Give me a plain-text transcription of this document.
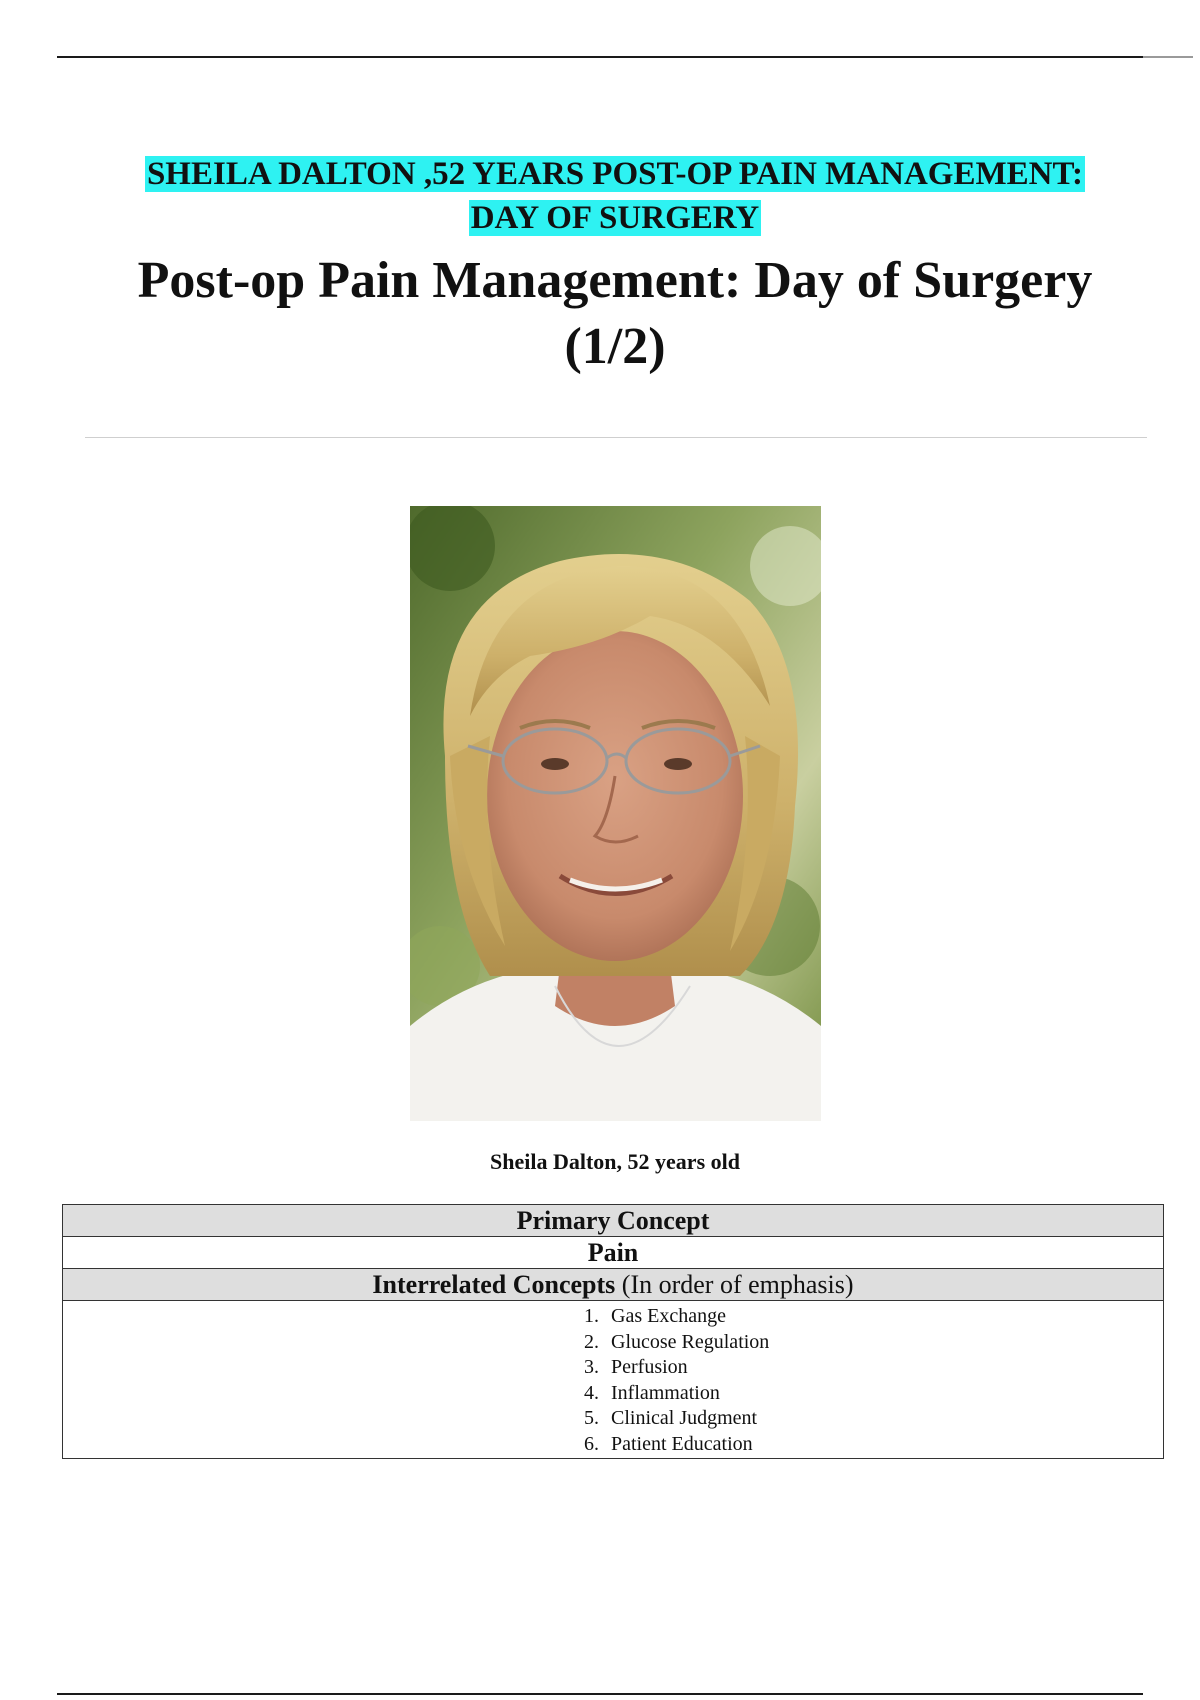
SHEILA DALTON ,52 YEARS POST-OP PAIN MANAGEMENT:
DAY OF SURGERY
Post-op Pain Management: Day of Surgery
(1/2)
Sheila Dalton, 52 years old
Primary Concept
Pain
Interrelated Concepts (In order of emphasis)
1. Gas Exchange
2. Glucose Regulation
3. Perfusion
4. Inflammation
5. Clinical Judgment
6. Patient Education
